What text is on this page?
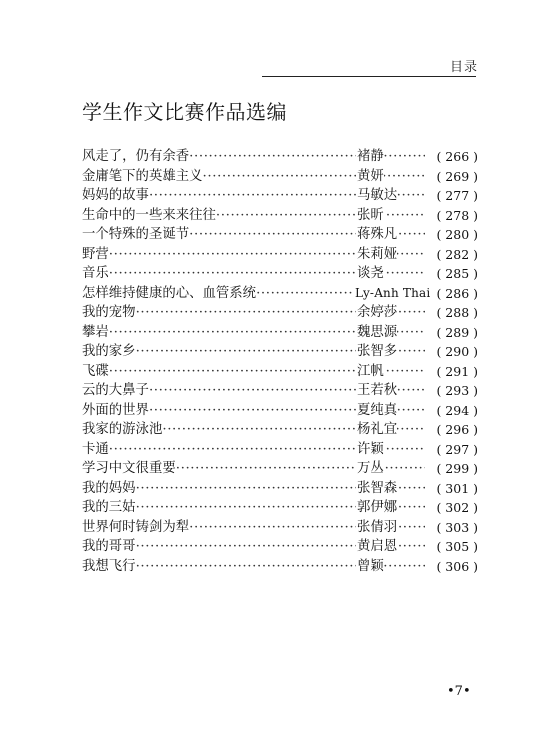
目录
学生作文比赛作品选编
风走了，仍有余香 ·····	褚静	( 266 )
金庸笔下的英雄主义 ·····	黄妍	( 269 )
妈妈的故事 ·····	马敏达	( 277 )
生命中的一些来来往往 ·····	张昕	( 278 )
一个特殊的圣诞节 ·····	蒋殊凡	( 280 )
野营 ·····	朱莉娅	( 282 )
音乐 ·····	谈尧	( 285 )
怎样维持健康的心、血管系统 ·····	Ly-Anh Thai ( 286 )
我的宠物 ·····	余婷莎	( 288 )
攀岩 ·····	魏思源	( 289 )
我的家乡 ·····	张智多	( 290 )
飞碟 ·····	江帆	( 291 )
云的大鼻子 ·····	王若秋	( 293 )
外面的世界 ·····	夏纯真	( 294 )
我家的游泳池 ·····	杨礼宜	( 296 )
卡通 ·····	许颖	( 297 )
学习中文很重要 ·····	万丛	( 299 )
我的妈妈 ·····	张智森	( 301 )
我的三姑 ·····	郭伊娜	( 302 )
世界何时铸剑为犁 ·····	张倩羽	( 303 )
我的哥哥 ·····	黄启恩	( 305 )
我想飞行 ·····	曾颖	( 306 )
•7•
